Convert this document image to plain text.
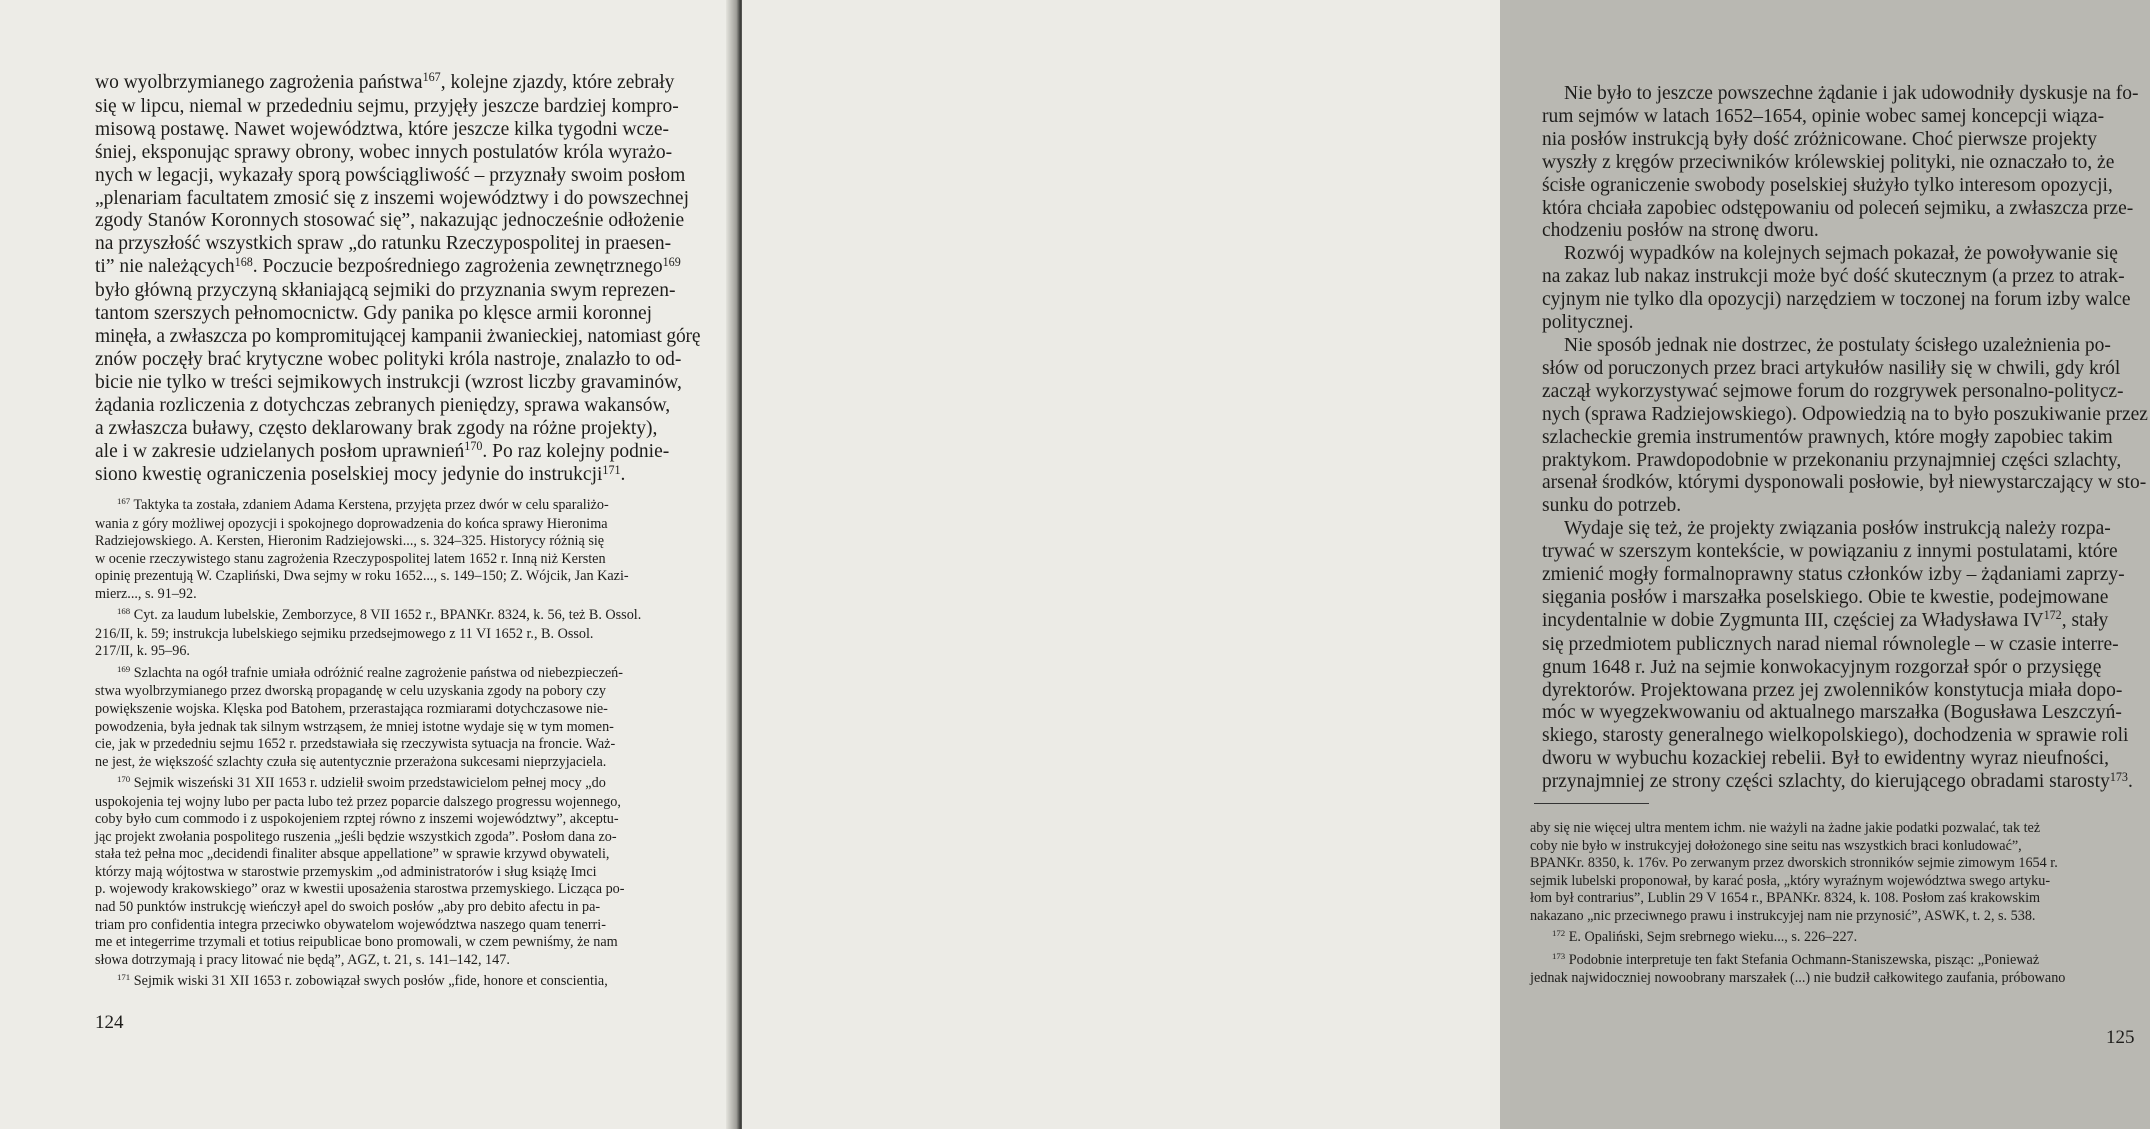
wo wyolbrzymianego zagrożenia państwa$^{167}$, kolejne zjazdy, które zebrały
się w lipcu, niemal w przededniu sejmu, przyjęły jeszcze bardziej kompro-
misową postawę. Nawet województwa, które jeszcze kilka tygodni wcze-
śniej, eksponując sprawy obrony, wobec innych postulatów króla wyrażo-
nych w legacji, wykazały sporą powściągliwość – przyznały swoim posłom
„plenariam facultatem zmosić się z inszemi województwy i do powszechnej
zgody Stanów Koronnych stosować się”, nakazując jednocześnie odłożenie
na przyszłość wszystkich spraw „do ratunku Rzeczypospolitej in praesen-
ti” nie należących$^{168}$. Poczucie bezpośredniego zagrożenia zewnętrznego$^{169}$
było główną przyczyną skłaniającą sejmiki do przyznania swym reprezen-
tantom szerszych pełnomocnictw. Gdy panika po klęsce armii koronnej
minęła, a zwłaszcza po kompromitującej kampanii żwanieckiej, natomiast górę
znów poczęły brać krytyczne wobec polityki króla nastroje, znalazło to od-
bicie nie tylko w treści sejmikowych instrukcji (wzrost liczby gravaminów,
żądania rozliczenia z dotychczas zebranych pieniędzy, sprawa wakansów,
a zwłaszcza buławy, często deklarowany brak zgody na różne projekty),
ale i w zakresie udzielanych posłom uprawnień$^{170}$. Po raz kolejny podnie-
siono kwestię ograniczenia poselskiej mocy jedynie do instrukcji$^{171}$.
$^{167}$ Taktyka ta została, zdaniem Adama Kerstena, przyjęta przez dwór w celu sparaliżo-
wania z góry możliwej opozycji i spokojnego doprowadzenia do końca sprawy Hieronima
Radziejowskiego. A. Kersten, Hieronim Radziejowski..., s. 324–325. Historycy różnią się
w ocenie rzeczywistego stanu zagrożenia Rzeczypospolitej latem 1652 r. Inną niż Kersten
opinię prezentują W. Czapliński, Dwa sejmy w roku 1652..., s. 149–150; Z. Wójcik, Jan Kazi-
mierz..., s. 91–92.
$^{168}$ Cyt. za laudum lubelskie, Zemborzyce, 8 VII 1652 r., BPANKr. 8324, k. 56, też B. Ossol.
216/II, k. 59; instrukcja lubelskiego sejmiku przedsejmowego z 11 VI 1652 r., B. Ossol.
217/II, k. 95–96.
$^{169}$ Szlachta na ogół trafnie umiała odróżnić realne zagrożenie państwa od niebezpieczeń-
stwa wyolbrzymianego przez dworską propagandę w celu uzyskania zgody na pobory czy
powiększenie wojska. Klęska pod Batohem, przerastająca rozmiarami dotychczasowe nie-
powodzenia, była jednak tak silnym wstrząsem, że mniej istotne wydaje się w tym momen-
cie, jak w przededniu sejmu 1652 r. przedstawiała się rzeczywista sytuacja na froncie. Waż-
ne jest, że większość szlachty czuła się autentycznie przerażona sukcesami nieprzyjaciela.
$^{170}$ Sejmik wiszeński 31 XII 1653 r. udzielił swoim przedstawicielom pełnej mocy „do
uspokojenia tej wojny lubo per pacta lubo też przez poparcie dalszego progressu wojennego,
coby było cum commodo i z uspokojeniem rzptej równo z inszemi województwy”, akceptu-
jąc projekt zwołania pospolitego ruszenia „jeśli będzie wszystkich zgoda”. Posłom dana zo-
stała też pełna moc „decidendi finaliter absque appellatione” w sprawie krzywd obywateli,
którzy mają wójtostwa w starostwie przemyskim „od administratorów i sług książę Imci
p. wojewody krakowskiego” oraz w kwestii uposażenia starostwa przemyskiego. Licząca po-
nad 50 punktów instrukcję wieńczył apel do swoich posłów „aby pro debito afectu in pa-
triam pro confidentia integra przeciwko obywatelom województwa naszego quam tenerri-
me et integerrime trzymali et totius reipublicae bono promowali, w czem pewniśmy, że nam
słowa dotrzymają i pracy litować nie będą”, AGZ, t. 21, s. 141–142, 147.
$^{171}$ Sejmik wiski 31 XII 1653 r. zobowiązał swych posłów „fide, honore et conscientia,
124
Nie było to jeszcze powszechne żądanie i jak udowodniły dyskusje na fo-
rum sejmów w latach 1652–1654, opinie wobec samej koncepcji wiąza-
nia posłów instrukcją były dość zróżnicowane. Choć pierwsze projekty
wyszły z kręgów przeciwników królewskiej polityki, nie oznaczało to, że
ścisłe ograniczenie swobody poselskiej służyło tylko interesom opozycji,
która chciała zapobiec odstępowaniu od poleceń sejmiku, a zwłaszcza prze-
chodzeniu posłów na stronę dworu.
Rozwój wypadków na kolejnych sejmach pokazał, że powoływanie się
na zakaz lub nakaz instrukcji może być dość skutecznym (a przez to atrak-
cyjnym nie tylko dla opozycji) narzędziem w toczonej na forum izby walce
politycznej.
Nie sposób jednak nie dostrzec, że postulaty ścisłego uzależnienia po-
słów od poruczonych przez braci artykułów nasiliły się w chwili, gdy król
zaczął wykorzystywać sejmowe forum do rozgrywek personalno-politycz-
nych (sprawa Radziejowskiego). Odpowiedzią na to było poszukiwanie przez
szlacheckie gremia instrumentów prawnych, które mogły zapobiec takim
praktykom. Prawdopodobnie w przekonaniu przynajmniej części szlachty,
arsenał środków, którymi dysponowali posłowie, był niewystarczający w sto-
sunku do potrzeb.
Wydaje się też, że projekty związania posłów instrukcją należy rozpa-
trywać w szerszym kontekście, w powiązaniu z innymi postulatami, które
zmienić mogły formalnoprawny status członków izby – żądaniami zaprzy-
sięgania posłów i marszałka poselskiego. Obie te kwestie, podejmowane
incydentalnie w dobie Zygmunta III, częściej za Władysława IV$^{172}$, stały
się przedmiotem publicznych narad niemal równolegle – w czasie interre-
gnum 1648 r. Już na sejmie konwokacyjnym rozgorzał spór o przysięgę
dyrektorów. Projektowana przez jej zwolenników konstytucja miała dopo-
móc w wyegzekwowaniu od aktualnego marszałka (Bogusława Leszczyń-
skiego, starosty generalnego wielkopolskiego), dochodzenia w sprawie roli
dworu w wybuchu kozackiej rebelii. Był to ewidentny wyraz nieufności,
przynajmniej ze strony części szlachty, do kierującego obradami starosty$^{173}$.
aby się nie więcej ultra mentem ichm. nie ważyli na żadne jakie podatki pozwalać, tak też
coby nie było w instrukcyjej dołożonego sine seitu nas wszystkich braci konludować”,
BPANKr. 8350, k. 176v. Po zerwanym przez dworskich stronników sejmie zimowym 1654 r.
sejmik lubelski proponował, by karać posła, „który wyraźnym województwa swego artyku-
łom był contrarius”, Lublin 29 V 1654 r., BPANKr. 8324, k. 108. Posłom zaś krakowskim
nakazano „nic przeciwnego prawu i instrukcyjej nam nie przynosić”, ASWK, t. 2, s. 538.
$^{172}$ E. Opaliński, Sejm srebrnego wieku..., s. 226–227.
$^{173}$ Podobnie interpretuje ten fakt Stefania Ochmann-Staniszewska, pisząc: „Ponieważ
jednak najwidoczniej nowoobrany marszałek (...) nie budził całkowitego zaufania, próbowano
125
